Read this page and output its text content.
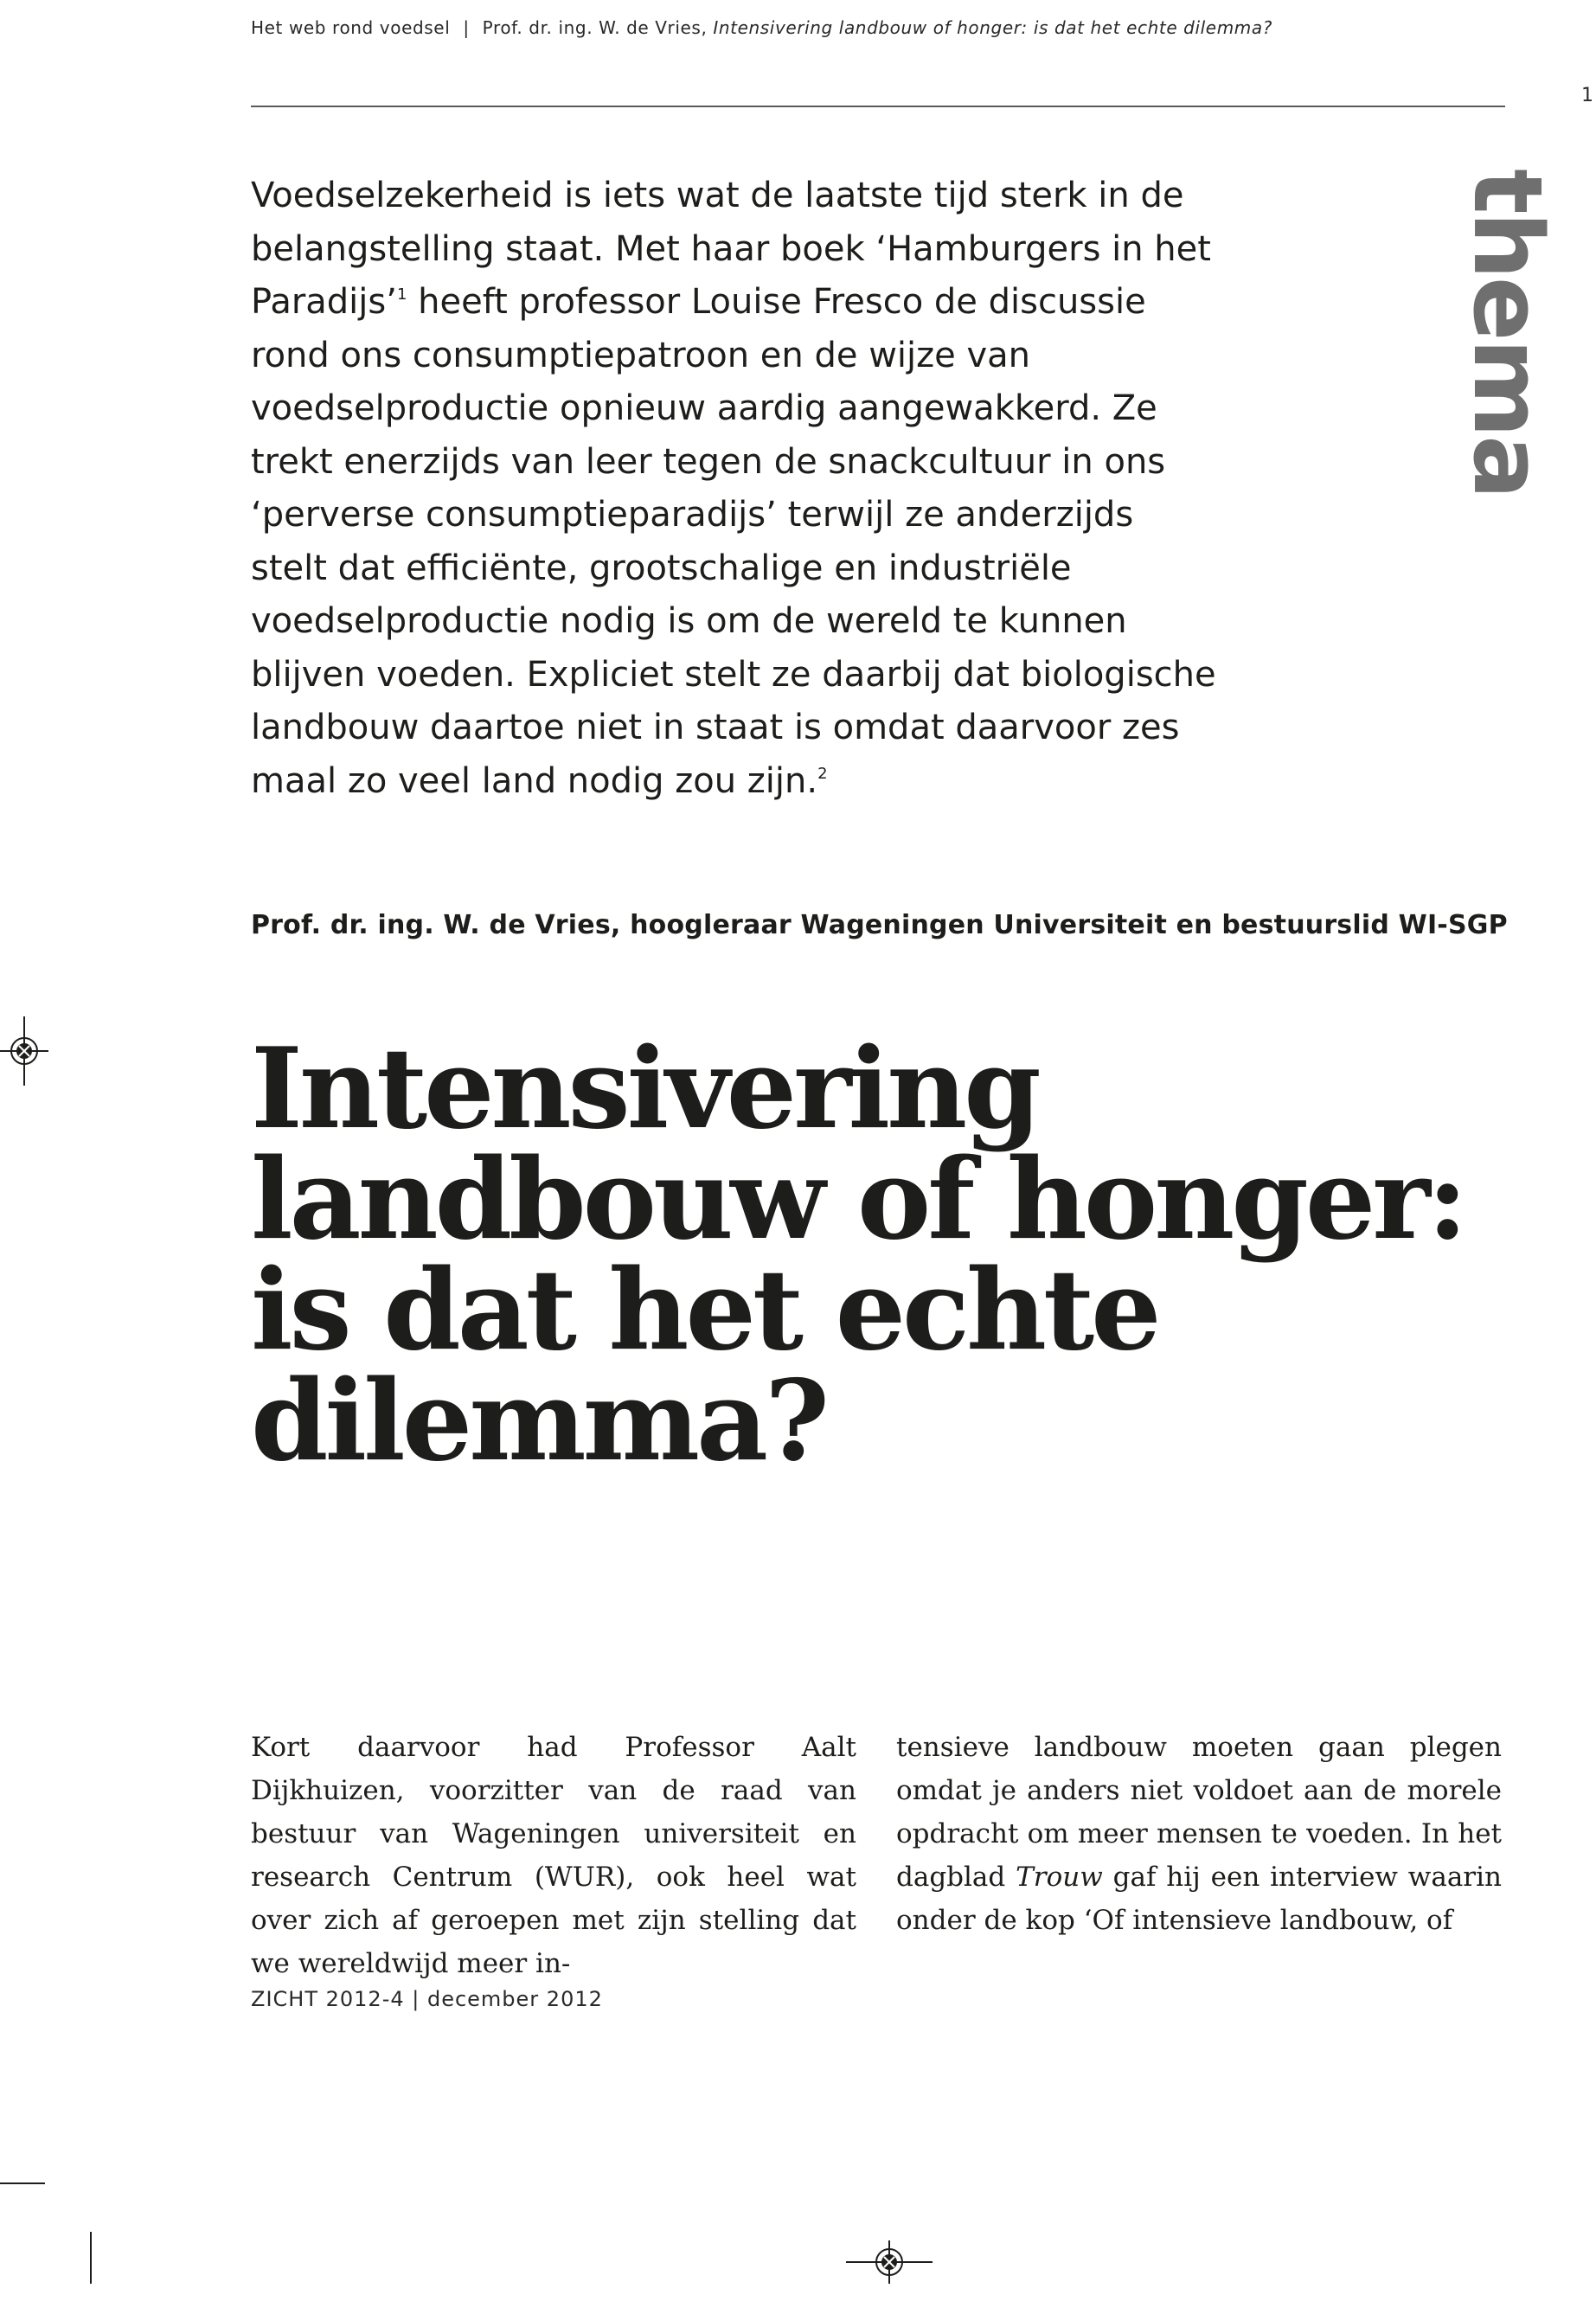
Het web rond voedsel | Prof. dr. ing. W. de Vries, Intensivering landbouw of honger: is dat het echte dilemma?
1
thema

Voedselzekerheid is iets wat de laatste tijd sterk in de belangstelling staat. Met haar boek ‘Hamburgers in het Paradijs’$^1$ heeft professor Louise Fresco de discussie rond ons consumptiepatroon en de wijze van voedselproductie opnieuw aardig aangewakkerd. Ze trekt enerzijds van leer tegen de snackcultuur in ons ‘perverse consumptieparadijs’ terwijl ze anderzijds stelt dat efficiënte, grootschalige en industriële voedselproductie nodig is om de wereld te kunnen blijven voeden. Expliciet stelt ze daarbij dat biologische landbouw daartoe niet in staat is omdat daarvoor zes maal zo veel land nodig zou zijn.$^2$

Prof. dr. ing. W. de Vries, hoogleraar Wageningen Universiteit en bestuurslid WI-SGP
Intensivering
landbouw of honger:
is dat het echte
dilemma?

Kort daarvoor had Professor Aalt Dijkhuizen, voorzitter van de raad van bestuur van Wageningen universiteit en research Centrum (WUR), ook heel wat over zich af geroepen met zijn stelling dat we wereldwijd meer in-

tensieve landbouw moeten gaan plegen omdat je anders niet voldoet aan de morele opdracht om meer mensen te voeden. In het dagblad Trouw gaf hij een interview waarin onder de kop ‘Of intensieve landbouw, of

ZICHT 2012-4 | december 2012
